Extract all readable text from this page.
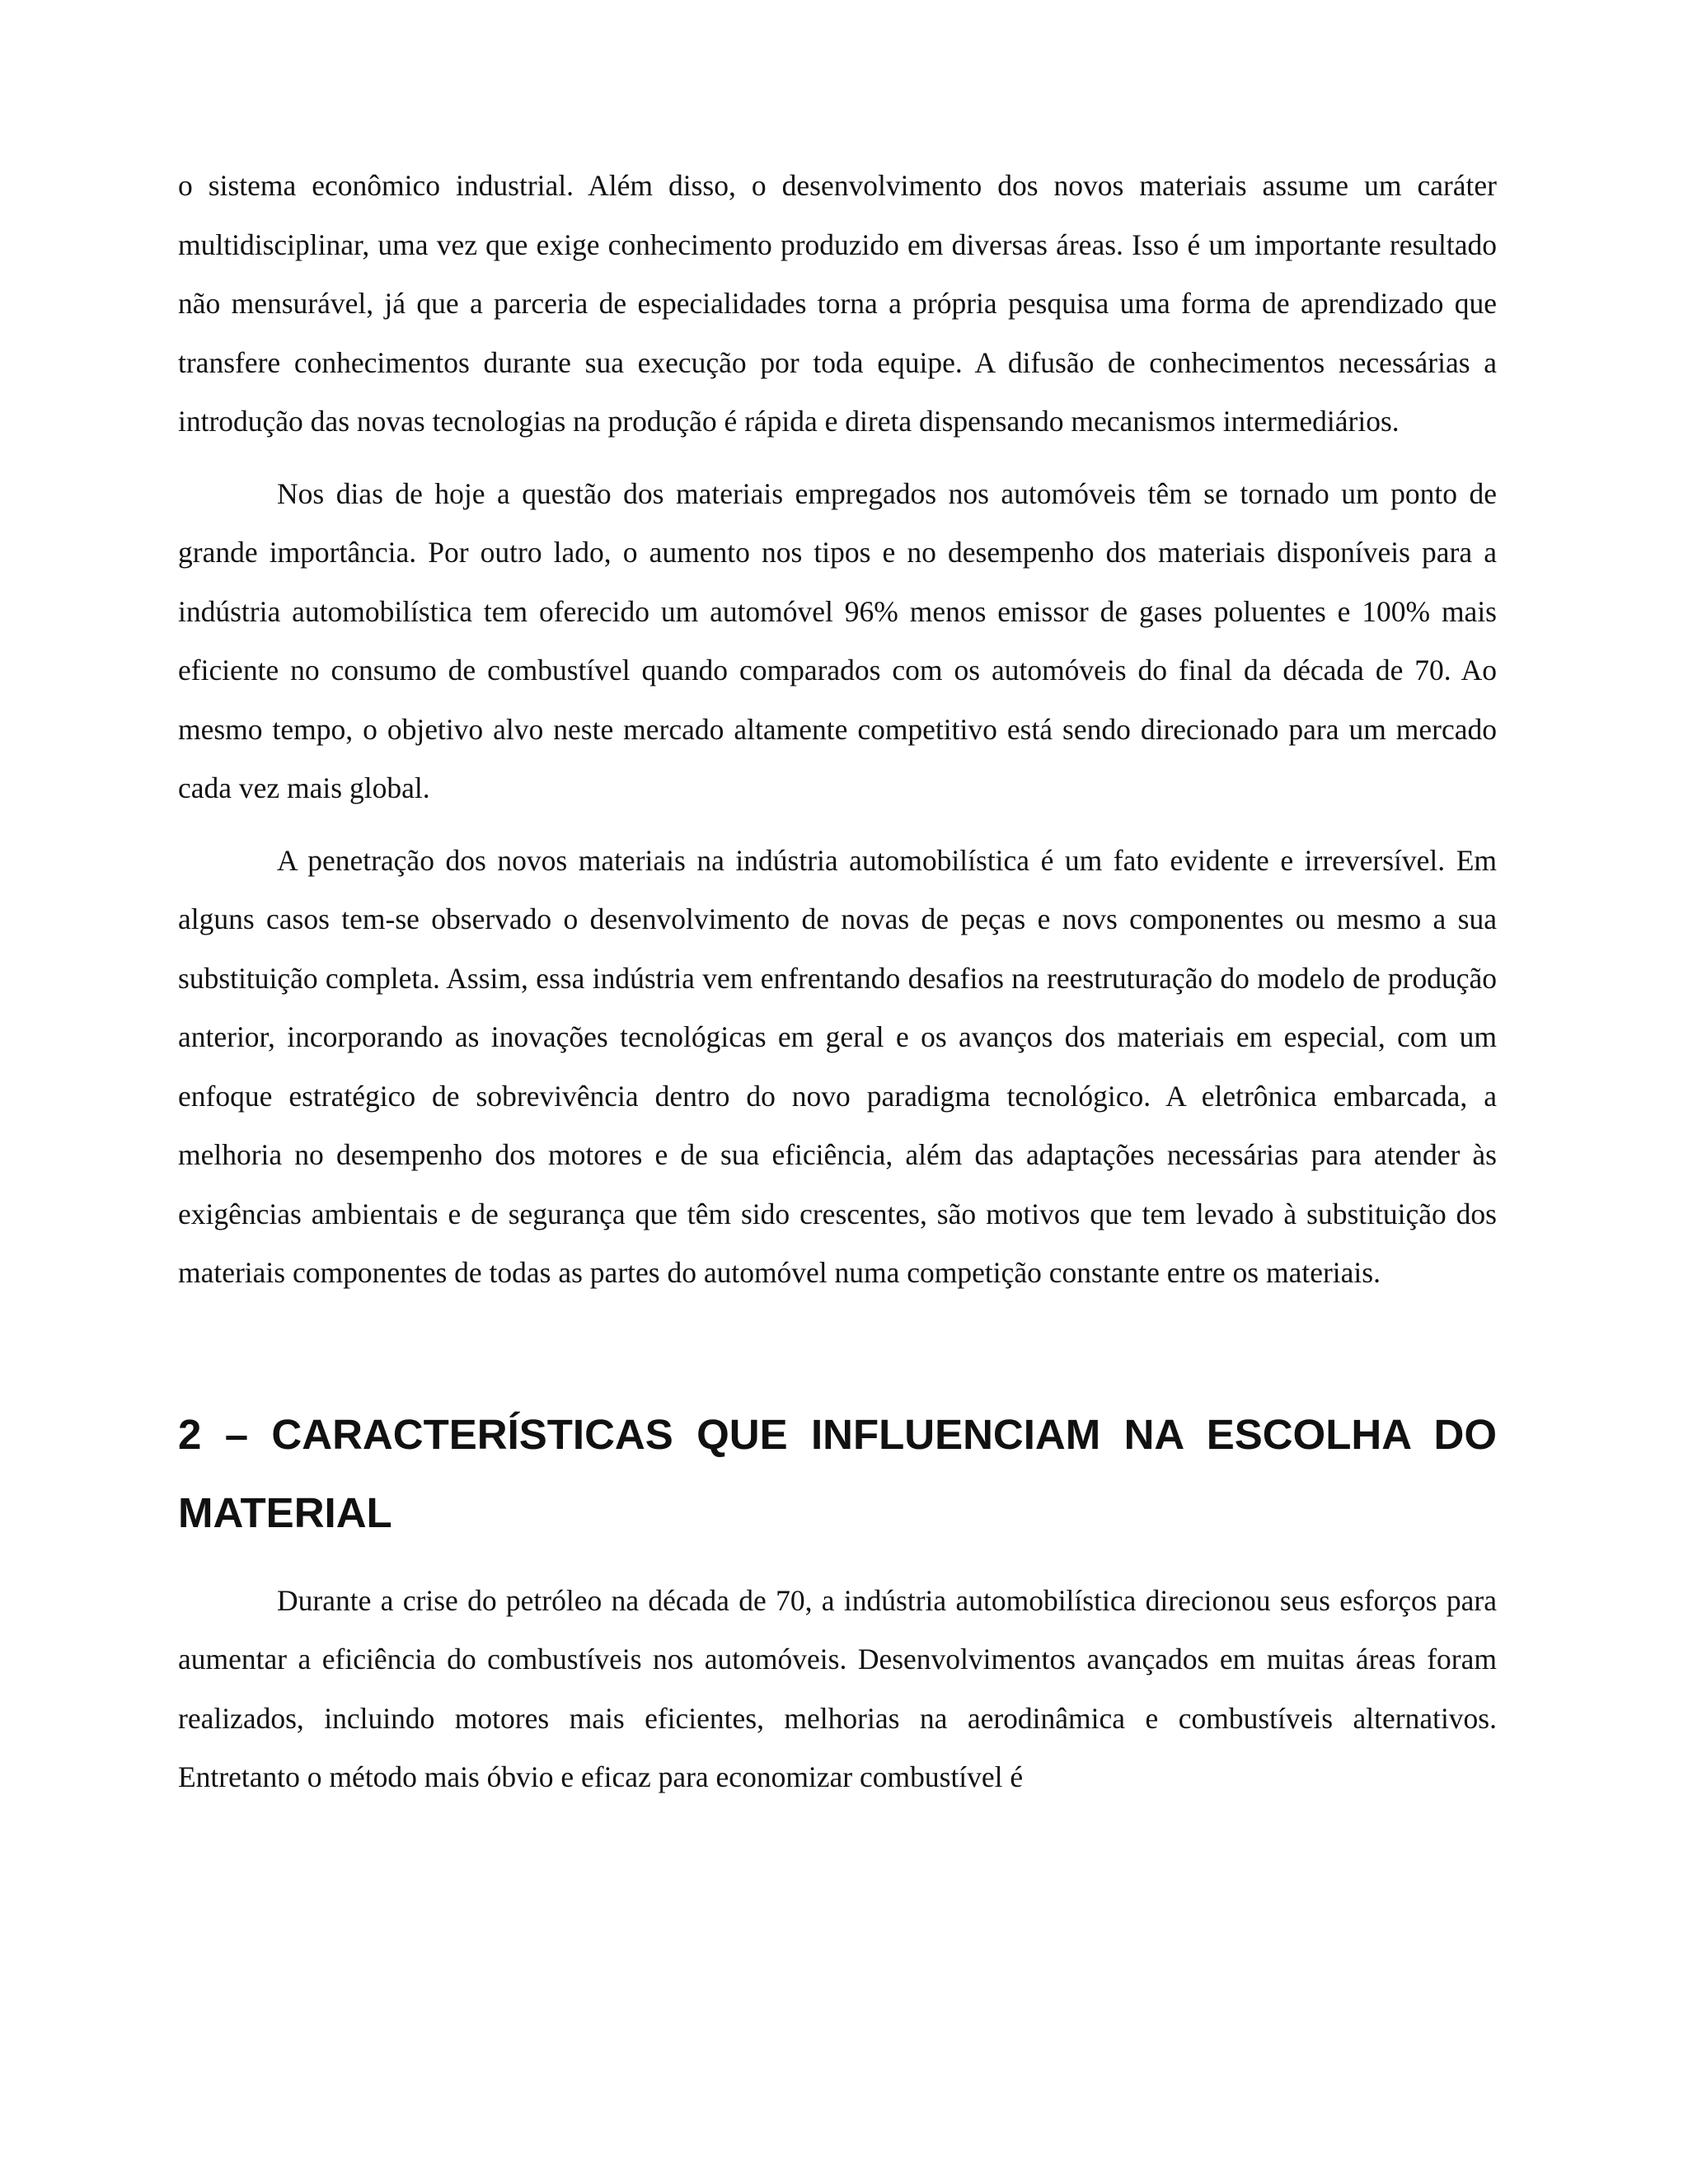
o sistema econômico industrial. Além disso, o desenvolvimento dos novos materiais assume um caráter multidisciplinar, uma vez que exige conhecimento produzido em diversas áreas. Isso é um importante resultado não mensurável, já que a parceria de especialidades torna a própria pesquisa uma forma de aprendizado que transfere conhecimentos durante sua execução por toda equipe. A difusão de conhecimentos necessárias a introdução das novas tecnologias na produção é rápida e direta dispensando mecanismos intermediários.

Nos dias de hoje a questão dos materiais empregados nos automóveis têm se tornado um ponto de grande importância. Por outro lado, o aumento nos tipos e no desempenho dos materiais disponíveis para a indústria automobilística tem oferecido um automóvel 96% menos emissor de gases poluentes e 100% mais eficiente no consumo de combustível quando comparados com os automóveis do final da década de 70. Ao mesmo tempo, o objetivo alvo neste mercado altamente competitivo está sendo direcionado para um mercado cada vez mais global.

A penetração dos novos materiais na indústria automobilística é um fato evidente e irreversível. Em alguns casos tem-se observado o desenvolvimento de novas de peças e novs componentes ou mesmo a sua substituição completa. Assim, essa indústria vem enfrentando desafios na reestruturação do modelo de produção anterior, incorporando as inovações tecnológicas em geral e os avanços dos materiais em especial, com um enfoque estratégico de sobrevivência dentro do novo paradigma tecnológico. A eletrônica embarcada, a melhoria no desempenho dos motores e de sua eficiência, além das adaptações necessárias para atender às exigências ambientais e de segurança que têm sido crescentes, são motivos que tem levado à substituição dos materiais componentes de todas as partes do automóvel numa competição constante entre os materiais.

2 – CARACTERÍSTICAS QUE INFLUENCIAM NA ESCOLHA DO MATERIAL

Durante a crise do petróleo na década de 70, a indústria automobilística direcionou seus esforços para aumentar a eficiência do combustíveis nos automóveis. Desenvolvimentos avançados em muitas áreas foram realizados, incluindo motores mais eficientes, melhorias na aerodinâmica e combustíveis alternativos. Entretanto o método mais óbvio e eficaz para economizar combustível é
